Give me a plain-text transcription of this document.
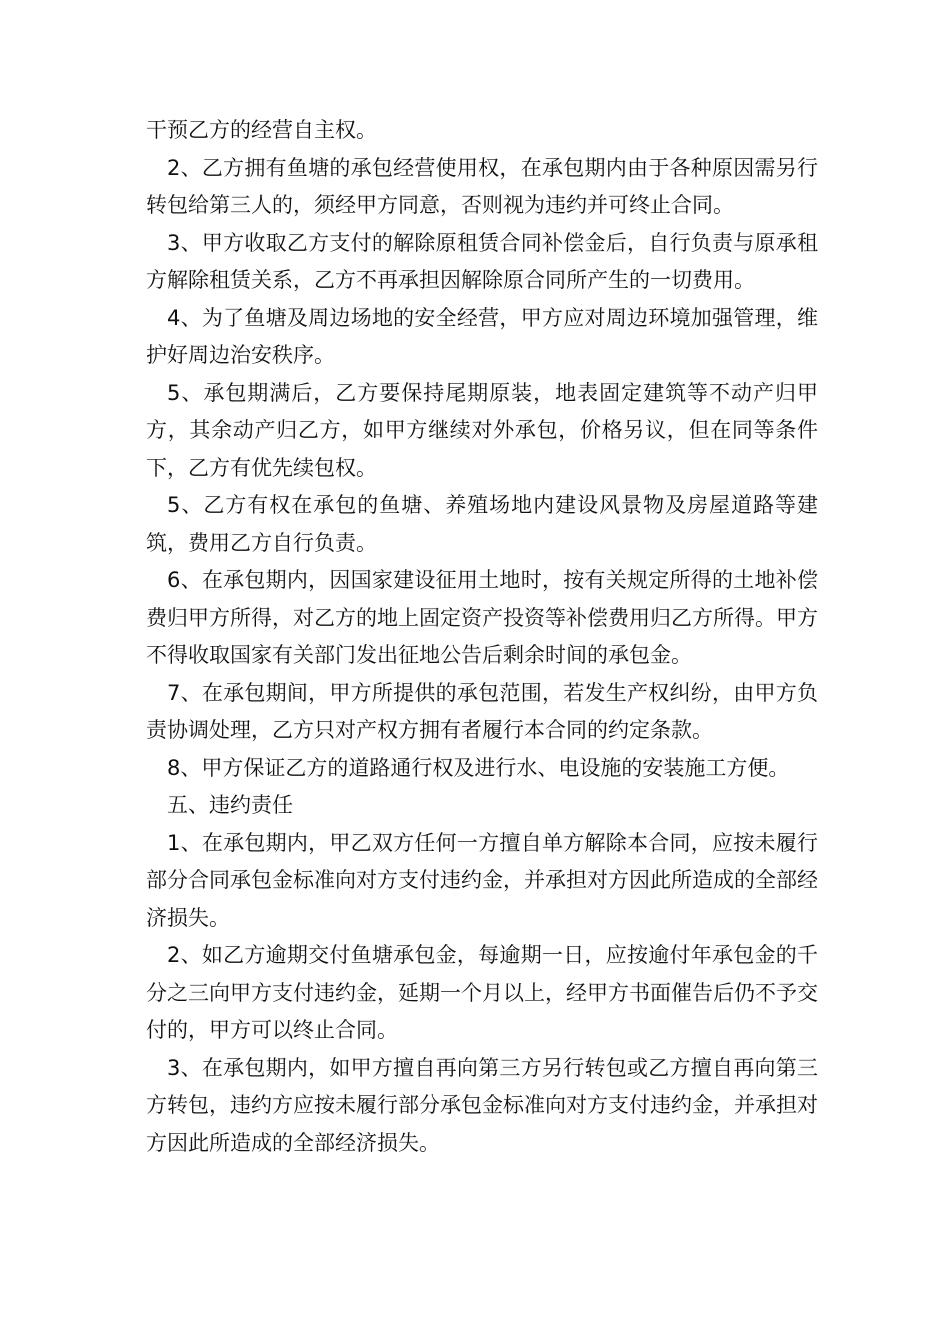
干预乙方的经营自主权。

2、乙方拥有鱼塘的承包经营使用权，在承包期内由于各种原因需另行转包给第三人的，须经甲方同意，否则视为违约并可终止合同。

3、甲方收取乙方支付的解除原租赁合同补偿金后，自行负责与原承租方解除租赁关系，乙方不再承担因解除原合同所产生的一切费用。

4、为了鱼塘及周边场地的安全经营，甲方应对周边环境加强管理，维护好周边治安秩序。

5、承包期满后，乙方要保持尾期原装，地表固定建筑等不动产归甲方，其余动产归乙方，如甲方继续对外承包，价格另议，但在同等条件下，乙方有优先续包权。

5、乙方有权在承包的鱼塘、养殖场地内建设风景物及房屋道路等建筑，费用乙方自行负责。

6、在承包期内，因国家建设征用土地时，按有关规定所得的土地补偿费归甲方所得，对乙方的地上固定资产投资等补偿费用归乙方所得。甲方不得收取国家有关部门发出征地公告后剩余时间的承包金。

7、在承包期间，甲方所提供的承包范围，若发生产权纠纷，由甲方负责协调处理，乙方只对产权方拥有者履行本合同的约定条款。

8、甲方保证乙方的道路通行权及进行水、电设施的安装施工方便。

五、违约责任

1、在承包期内，甲乙双方任何一方擅自单方解除本合同，应按未履行部分合同承包金标准向对方支付违约金，并承担对方因此所造成的全部经济损失。

2、如乙方逾期交付鱼塘承包金，每逾期一日，应按逾付年承包金的千分之三向甲方支付违约金，延期一个月以上，经甲方书面催告后仍不予交付的，甲方可以终止合同。

3、在承包期内，如甲方擅自再向第三方另行转包或乙方擅自再向第三方转包，违约方应按未履行部分承包金标准向对方支付违约金，并承担对方因此所造成的全部经济损失。
